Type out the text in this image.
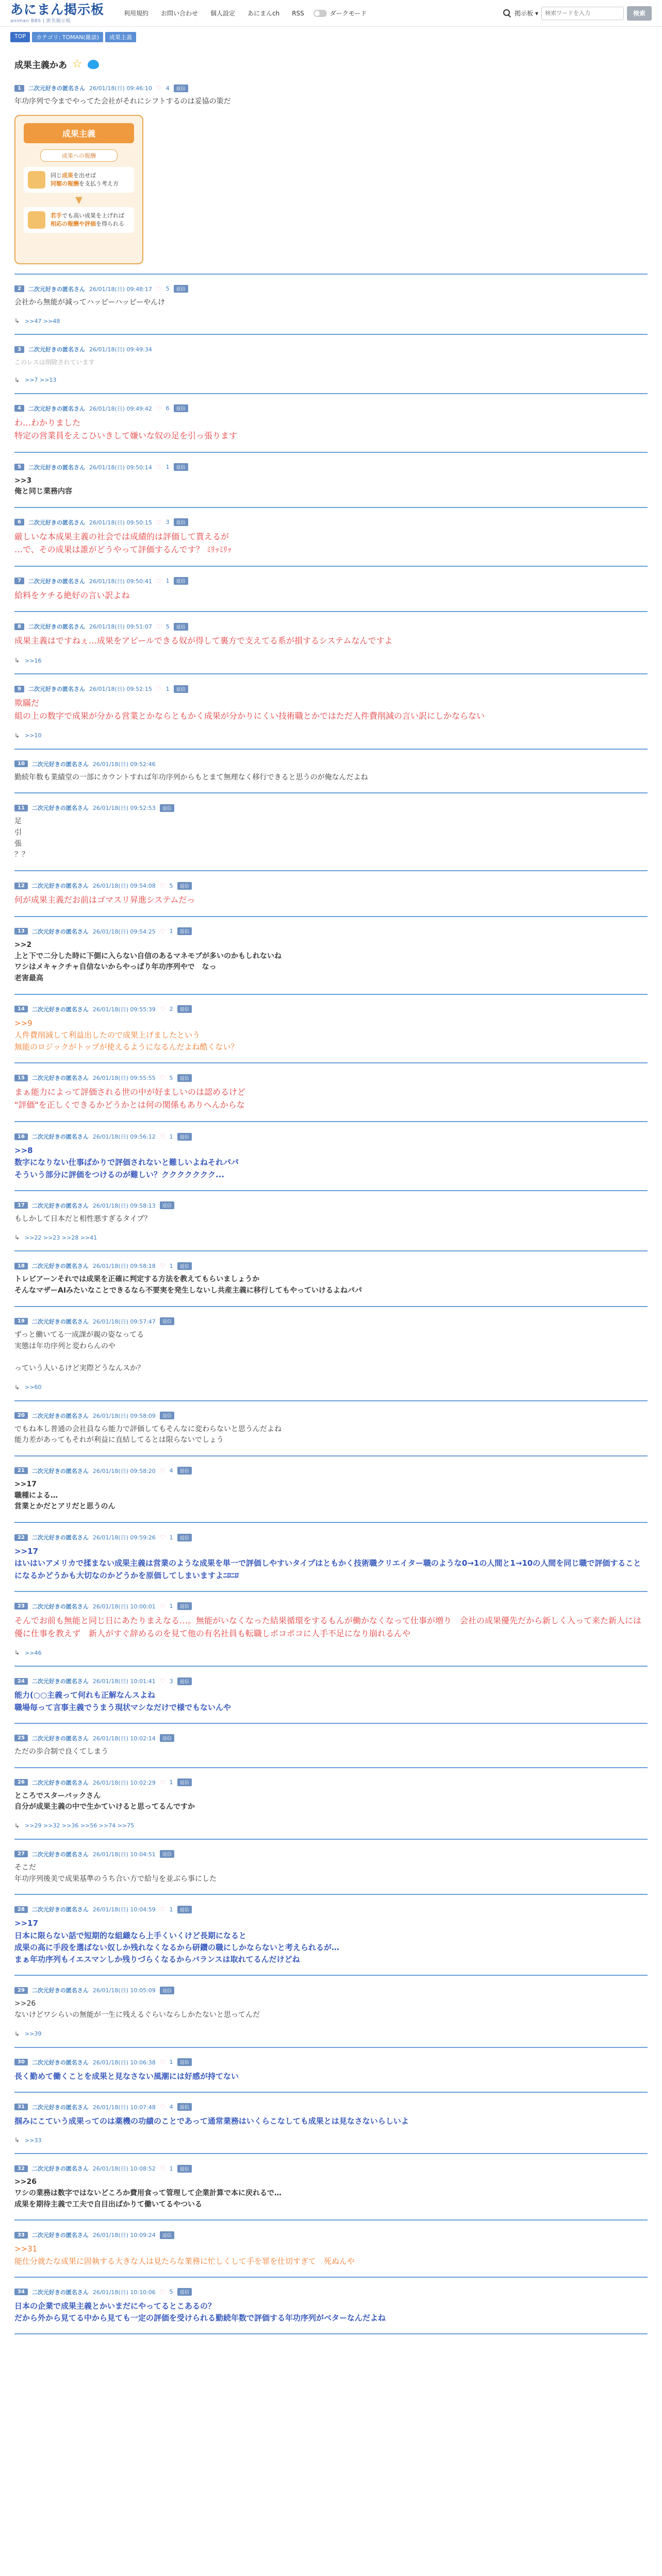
あにまん掲示板
animan BBS | 匿名掲示板
利用規約	お問い合わせ	個人設定	あにまんch	RSS	ダークモード	掲示板 ▾
検索ワードを入力	検索
TOP	カテゴリ: TOMAN(雑談)	成果主義
成果主義かあ ☆
1	二次元好きの匿名さん 26/01/18(日) 09:46:10 ♡ 4	返信
年功序列で今までやってた会社がそれにシフトするのは妥協の策だ
成果主義
成果への報酬
同じ成果を出せば
同額の報酬を支払う考え方
▼
若手でも高い成果を上げれば
相応の報酬や評価を得られる
2	二次元好きの匿名さん 26/01/18(日) 09:48:17 ♡ 5	返信
会社から無能が減ってハッピーハッピーやんけ
↳ >>47 >>48
3	二次元好きの匿名さん 26/01/18(日) 09:49:34
このレスは削除されています
↳ >>7 >>13
4	二次元好きの匿名さん 26/01/18(日) 09:49:42 ♡ 6	返信
わ…わかりました
特定の営業員をえこひいきして嫌いな奴の足を引っ張ります
5	二次元好きの匿名さん 26/01/18(日) 09:50:14 ♡ 1	返信
>>3
俺と同じ業務内容
6	二次元好きの匿名さん 26/01/18(日) 09:50:15 ♡ 3	返信
厳しいな本成果主義の社会では成績的は評価して貰えるが
…で、その成果は誰がどうやって評価するんです？ ﾐﾘｯﾐﾘｯ
7	二次元好きの匿名さん 26/01/18(日) 09:50:41 ♡ 1	返信
給料をケチる絶好の言い訳よね
8	二次元好きの匿名さん 26/01/18(日) 09:51:07 ♡ 5	返信
成果主義はですねぇ…成果をアピールできる奴が得して裏方で支えてる系が損するシステムなんですよ
↳ >>16
9	二次元好きの匿名さん 26/01/18(日) 09:52:15 ♡ 1	返信
欺瞞だ
組の上の数字で成果が分かる営業とかならともかく成果が分かりにくい技術職とかではただ人件費削減の言い訳にしかならない
↳ >>10
10	二次元好きの匿名さん 26/01/18(日) 09:52:46
勤続年数も業績堂の一部にカウントすれば年功序列からもとまて無理なく移行できると思うのが俺なんだよね
11	二次元好きの匿名さん 26/01/18(日) 09:52:53	返信
足
引
張
？？
12	二次元好きの匿名さん 26/01/18(日) 09:54:08 ♡ 5	返信
何が成果主義だお前はゴマスリ昇進システムだっ
13	二次元好きの匿名さん 26/01/18(日) 09:54:25 ♡ 1	返信
>>2
上と下で二分した時に下側に入らない自信のあるマネモブが多いのかもしれないね
ワシはメキャクチャ自信ないからやっぱり年功序列やで　なっ
老害最高
14	二次元好きの匿名さん 26/01/18(日) 09:55:39 ♡ 2	返信
>>9
人件費削減して利益出したので成果上げましたという
無能のロジックがトップが使えるようになるんだよね酷くない？
15	二次元好きの匿名さん 26/01/18(日) 09:55:55 ♡ 5	返信
まぁ能力によって評価される世の中が好ましいのは認めるけど
"評価"を正しくできるかどうかとは何の関係もありへんからな
16	二次元好きの匿名さん 26/01/18(日) 09:56:12 ♡ 1	返信
>>8
数字になりない仕事ばかりで評価されないと難しいよねそれパパ
そういう部分に評価をつけるのが難しい？ククククククク...
17	二次元好きの匿名さん 26/01/18(日) 09:58:13	返信
もしかして日本だと相性悪すぎるタイプ？
↳ >>22 >>23 >>28 >>41
18	二次元好きの匿名さん 26/01/18(日) 09:58:18 ♡ 1	返信
トレビアーンそれでは成果を正確に判定する方法を教えてもらいましょうか
そんなマザーAIみたいなことできるなら不要実を発生しないし共産主義に移行してもやっていけるよねパパ
19	二次元好きの匿名さん 26/01/18(日) 09:57:47	返信
ずっと働いてる一成課が親の姿なってる
実態は年功序列と変わらんのや

っていう人いるけど実際どうなんスか？
↳ >>60
20	二次元好きの匿名さん 26/01/18(日) 09:58:09	返信
でもね本し普通の会社員なら能力で評価してもそんなに変わらないと思うんだよね
能力差があってもそれが利益に直結してるとは限らないでしょう
21	二次元好きの匿名さん 26/01/18(日) 09:58:20 ♡ 4	返信
>>17
職種による…
営業とかだとアリだと思うのん
22	二次元好きの匿名さん 26/01/18(日) 09:59:26 ♡ 1	返信
>>17
はいはいアメリカで揉まない成果主義は営業のような成果を単一で評価しやすいタイプはともかく技術職クリエイター職のような0→1の人間と1→10の人間を同じ職で評価することになるかどうかも大切なのかどうかを原価してしまいますよﾆﾛﾆﾛ
23	二次元好きの匿名さん 26/01/18(日) 10:00:01 ♡ 1	返信
そんでお前も無能と同じ日にあたりまえなる…。無能がいなくなった結果循環をするもんが働かなくなって仕事が増り　会社の成果優先だから新しく入って来た新人には優に仕事を教えず　新人がすぐ辞めるのを見て他の有名社員も転職しポコポコに人手不足になり崩れるんや
↳ >>46
24	二次元好きの匿名さん 26/01/18(日) 10:01:41 ♡ 3	返信
能力(○○主義って何れも正解なんスよね
職場毎って言事主義でうまう現状マシなだけで様でもないんや
25	二次元好きの匿名さん 26/01/18(日) 10:02:14	返信
ただの歩合制で良くてしまう
26	二次元好きの匿名さん 26/01/18(日) 10:02:29 ♡ 1	返信
ところでスターバックさん
自分が成果主義の中で生かていけると思ってるんですか
↳ >>29 >>32 >>36 >>56 >>74 >>75
27	二次元好きの匿名さん 26/01/18(日) 10:04:51	返信
そこだ
年功序列後美で成果基準のうち合い方で給与を並ぶら事にした
28	二次元好きの匿名さん 26/01/18(日) 10:04:59 ♡ 1	返信
>>17
日本に限らない話で短期的な組織なら上手くいくけど長期になると
成果の高に手段を選ばない奴しか残れなくなるから研鑽の職にしかならないと考えられるが…
まぁ年功序列もイエスマンしか残りづらくなるからバランスは取れてるんだけどね
29	二次元好きの匿名さん 26/01/18(日) 10:05:09	返信
>>26
ないけどワシらいの無能が一生に残えるぐらいならしかたないと思ってんだ
↳ >>39
30	二次元好きの匿名さん 26/01/18(日) 10:06:38 ♡ 1	返信
長く勤めて働くことを成果と見なさない風潮には好感が持てない
31	二次元好きの匿名さん 26/01/18(日) 10:07:48 ♡ 4	返信
掴みにこていう成果ってのは薬機の功績のことであって通常業務はいくらこなしても成果とは見なさないらしいよ
↳ >>33
32	二次元好きの匿名さん 26/01/18(日) 10:08:52 ♡ 1	返信
>>26
ワシの業務は数字ではないどころか費用食って管理して企業計算で本に戻れるで…
成果を期待主義で工夫で自目出ばかりて働いてるやついる
33	二次元好きの匿名さん 26/01/18(日) 10:09:24	返信
>>31
能仕分就たな成果に固執する大きな人は見たらな業務に忙しくして手を罪を仕切すぎて　死ぬんや
34	二次元好きの匿名さん 26/01/18(日) 10:10:06 ♡ 5	返信
日本の企業で成果主義とかいまだにやってるとこあるの？
だから外から見てる中から見ても一定の評価を受けられる勤続年数で評価する年功序列がベターなんだよね
